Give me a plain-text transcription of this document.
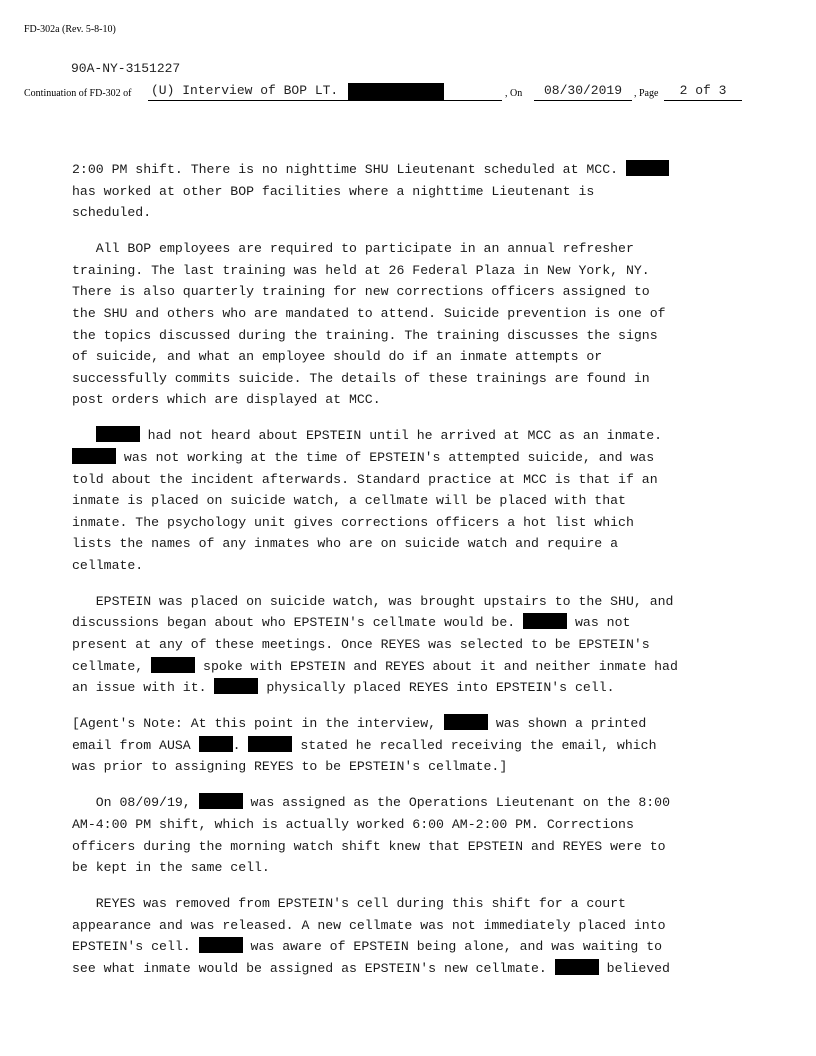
FD-302a (Rev. 5-8-10)
90A-NY-3151227
Continuation of FD-302 of (U) Interview of BOP LT.	, On	08/30/2019	, Page	2 of 3

2:00 PM shift. There is no nighttime SHU Lieutenant scheduled at MCC.
has worked at other BOP facilities where a nighttime Lieutenant is
scheduled.

All BOP employees are required to participate in an annual refresher
training. The last training was held at 26 Federal Plaza in New York, NY.
There is also quarterly training for new corrections officers assigned to
the SHU and others who are mandated to attend. Suicide prevention is one of
the topics discussed during the training. The training discusses the signs
of suicide, and what an employee should do if an inmate attempts or
successfully commits suicide. The details of these trainings are found in
post orders which are displayed at MCC.

had not heard about EPSTEIN until he arrived at MCC as an inmate.
was not working at the time of EPSTEIN's attempted suicide, and was
told about the incident afterwards. Standard practice at MCC is that if an
inmate is placed on suicide watch, a cellmate will be placed with that
inmate. The psychology unit gives corrections officers a hot list which
lists the names of any inmates who are on suicide watch and require a
cellmate.

EPSTEIN was placed on suicide watch, was brought upstairs to the SHU, and
discussions began about who EPSTEIN's cellmate would be.	was not
present at any of these meetings. Once REYES was selected to be EPSTEIN's
cellmate,	spoke with EPSTEIN and REYES about it and neither inmate had
an issue with it.	physically placed REYES into EPSTEIN's cell.

[Agent's Note: At this point in the interview,	was shown a printed
email from AUSA	.	stated he recalled receiving the email, which
was prior to assigning REYES to be EPSTEIN's cellmate.]

On 08/09/19,	was assigned as the Operations Lieutenant on the 8:00
AM-4:00 PM shift, which is actually worked 6:00 AM-2:00 PM. Corrections
officers during the morning watch shift knew that EPSTEIN and REYES were to
be kept in the same cell.

REYES was removed from EPSTEIN's cell during this shift for a court
appearance and was released. A new cellmate was not immediately placed into
EPSTEIN's cell.	was aware of EPSTEIN being alone, and was waiting to
see what inmate would be assigned as EPSTEIN's new cellmate.	believed
